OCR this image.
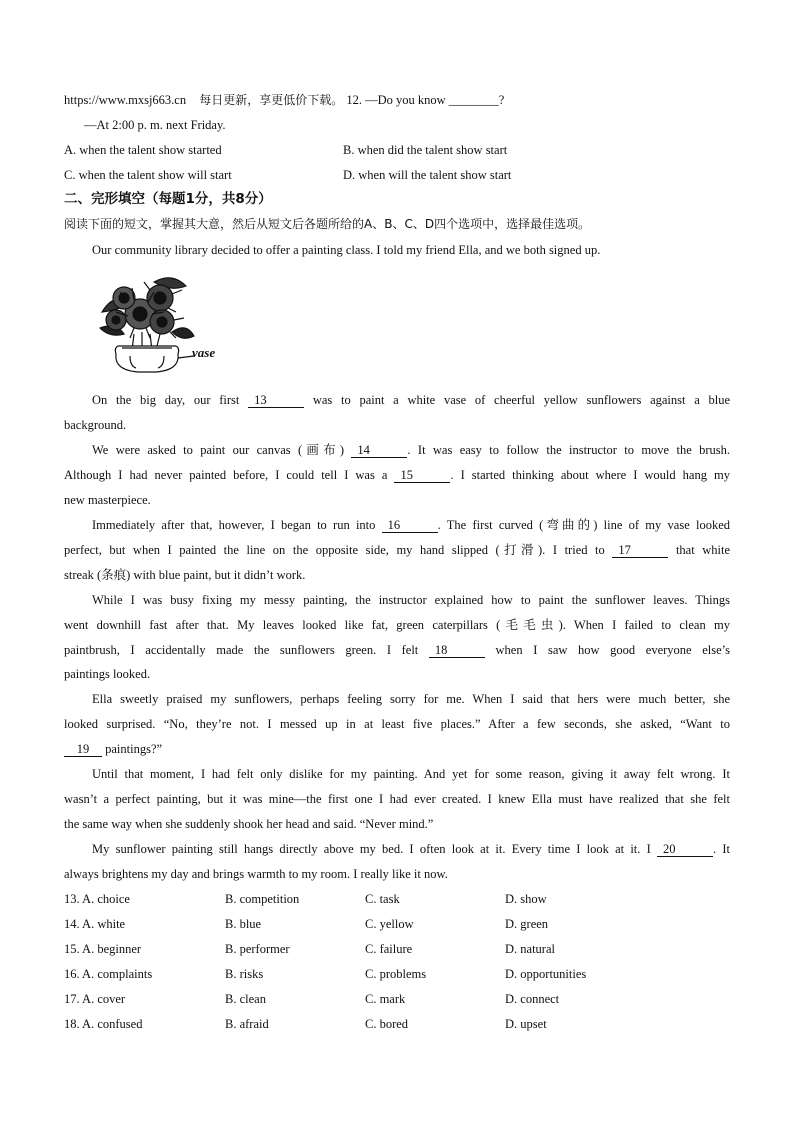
https://www.mxsj663.cn 每日更新，享更低价下载。 12. —Do you know ________?
—At 2:00 p. m. next Friday.
A. when the talent show started	B. when did the talent show start
C. when the talent show will start	D. when will the talent show start
二、完形填空（每题1分，共8分）
阅读下面的短文，掌握其大意，然后从短文后各题所给的A、B、C、D四个选项中，选择最佳选项。
Our community library decided to offer a painting class. I told my friend Ella, and we both signed up.
vase
On the big day, our first 13	was to paint a white vase of cheerful yellow sunflowers against a blue
background.
We were asked to paint our canvas (画布) 14	. It was easy to follow the instructor to move the brush.
Although I had never painted before, I could tell I was a 15	. I started thinking about where I would hang my
new masterpiece.
Immediately after that, however, I began to run into 16	. The first curved (弯曲的) line of my vase looked
perfect, but when I painted the line on the opposite side, my hand slipped (打滑). I tried to 17	that white
streak (条痕) with blue paint, but it didn’t work.
While I was busy fixing my messy painting, the instructor explained how to paint the sunflower leaves. Things
went downhill fast after that. My leaves looked like fat, green caterpillars (毛毛虫). When I failed to clean my
paintbrush, I accidentally made the sunflowers green. I felt 18	when I saw how good everyone else’s
paintings looked.
Ella sweetly praised my sunflowers, perhaps feeling sorry for me. When I said that hers were much better, she
looked surprised. “No, they’re not. I messed up in at least five places.” After a few seconds, she asked, “Want to
19 paintings?”
Until that moment, I had felt only dislike for my painting. And yet for some reason, giving it away felt wrong. It
wasn’t a perfect painting, but it was mine—the first one I had ever created. I knew Ella must have realized that she felt
the same way when she suddenly shook her head and said. “Never mind.”
My sunflower painting still hangs directly above my bed. I often look at it. Every time I look at it. I 20	. It
always brightens my day and brings warmth to my room. I really like it now.
13. A. choice	B. competition	C. task	D. show
14. A. white	B. blue	C. yellow	D. green
15. A. beginner	B. performer	C. failure	D. natural
16. A. complaints	B. risks	C. problems	D. opportunities
17. A. cover	B. clean	C. mark	D. connect
18. A. confused	B. afraid	C. bored	D. upset
